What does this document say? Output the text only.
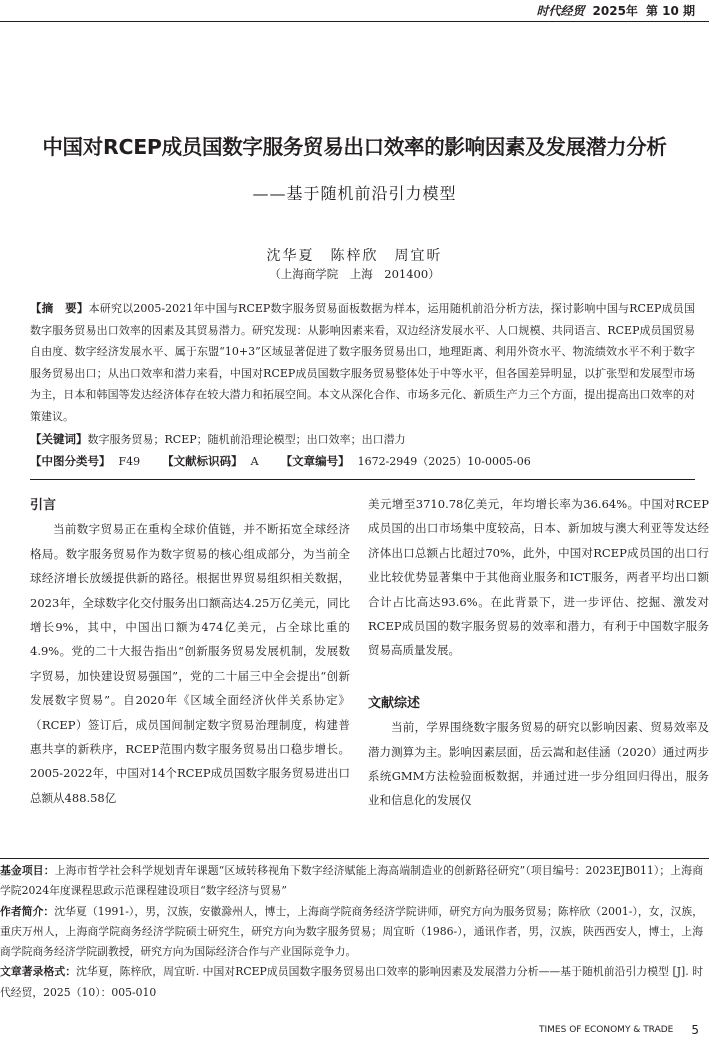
时代经贸 2025年 第 10 期
中国对RCEP成员国数字服务贸易出口效率的影响因素及发展潜力分析
——基于随机前沿引力模型
沈华夏　陈梓欣　周宜昕
（上海商学院　上海　201400）

【摘　要】本研究以2005-2021年中国与RCEP数字服务贸易面板数据为样本，运用随机前沿分析方法，探讨影响中国与RCEP成员国数字服务贸易出口效率的因素及其贸易潜力。研究发现：从影响因素来看，双边经济发展水平、人口规模、共同语言、RCEP成员国贸易自由度、数字经济发展水平、属于东盟“10+3”区域显著促进了数字服务贸易出口，地理距离、利用外资水平、物流绩效水平不利于数字服务贸易出口；从出口效率和潜力来看，中国对RCEP成员国数字服务贸易整体处于中等水平，但各国差异明显，以扩张型和发展型市场为主，日本和韩国等发达经济体存在较大潜力和拓展空间。本文从深化合作、市场多元化、新质生产力三个方面，提出提高出口效率的对策建议。

【关键词】数字服务贸易；RCEP；随机前沿理论模型；出口效率；出口潜力

【中图分类号】 F49 【文献标识码】 A 【文章编号】 1672-2949（2025）10-0005-06
引言

当前数字贸易正在重构全球价值链，并不断拓宽全球经济格局。数字服务贸易作为数字贸易的核心组成部分，为当前全球经济增长放缓提供新的路径。根据世界贸易组织相关数据，2023年，全球数字化交付服务出口额高达4.25万亿美元，同比增长9%，其中，中国出口额为474亿美元，占全球比重的4.9%。党的二十大报告指出“创新服务贸易发展机制，发展数字贸易，加快建设贸易强国”，党的二十届三中全会提出“创新发展数字贸易”。自2020年《区域全面经济伙伴关系协定》（RCEP）签订后，成员国间制定数字贸易治理制度，构建普惠共享的新秩序，RCEP范围内数字服务贸易出口稳步增长。2005-2022年，中国对14个RCEP成员国数字服务贸易进出口总额从488.58亿

美元增至3710.78亿美元，年均增长率为36.64%。中国对RCEP成员国的出口市场集中度较高，日本、新加坡与澳大利亚等发达经济体出口总额占比超过70%，此外，中国对RCEP成员国的出口行业比较优势显著集中于其他商业服务和ICT服务，两者平均出口额合计占比高达93.6%。在此背景下，进一步评估、挖掘、激发对RCEP成员国的数字服务贸易的效率和潜力，有利于中国数字服务贸易高质量发展。

文献综述

当前，学界围绕数字服务贸易的研究以影响因素、贸易效率及潜力测算为主。影响因素层面，岳云嵩和赵佳涵（2020）通过两步系统GMM方法检验面板数据，并通过进一步分组回归得出，服务业和信息化的发展仅

基金项目：上海市哲学社会科学规划青年课题“区域转移视角下数字经济赋能上海高端制造业的创新路径研究”（项目编号：2023EJB011）；上海商学院2024年度课程思政示范课程建设项目“数字经济与贸易”

作者简介：沈华夏（1991-），男，汉族，安徽滁州人，博士，上海商学院商务经济学院讲师，研究方向为服务贸易；陈梓欣（2001-），女，汉族，重庆万州人，上海商学院商务经济学院硕士研究生，研究方向为数字服务贸易；周宜昕（1986-），通讯作者，男，汉族，陕西西安人，博士，上海商学院商务经济学院副教授，研究方向为国际经济合作与产业国际竞争力。

文章著录格式：沈华夏，陈梓欣，周宜昕. 中国对RCEP成员国数字服务贸易出口效率的影响因素及发展潜力分析——基于随机前沿引力模型 [J]. 时代经贸，2025（10）：005-010

TIMES OF ECONOMY & TRADE 5
